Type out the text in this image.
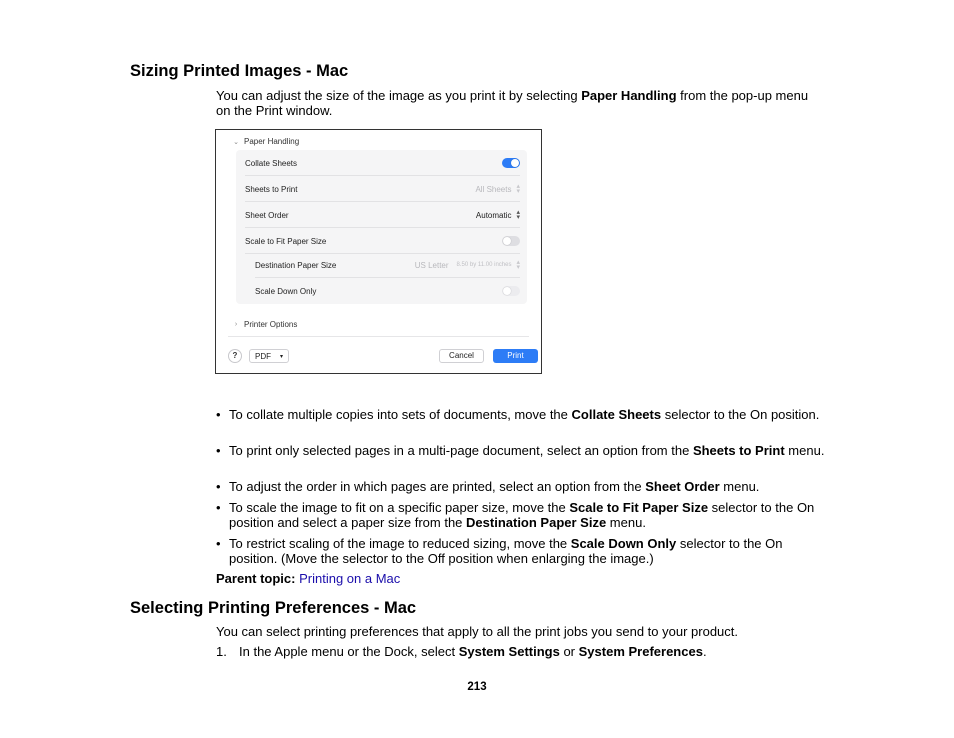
Sizing Printed Images - Mac
You can adjust the size of the image as you print it by selecting Paper Handling from the pop-up menu on the Print window.
⌄ Paper Handling
Collate Sheets
Sheets to Print	All Sheets ▴
▾
Sheet Order	Automatic ▴
▾
Scale to Fit Paper Size
Destination Paper Size	US Letter 8.50 by 11.00 inches ▴
▾
Scale Down Only
› Printer Options
?	PDF ▾	Cancel	Print
• To collate multiple copies into sets of documents, move the Collate Sheets selector to the On position.
• To print only selected pages in a multi-page document, select an option from the Sheets to Print menu.
• To adjust the order in which pages are printed, select an option from the Sheet Order menu.
• To scale the image to fit on a specific paper size, move the Scale to Fit Paper Size selector to the On position and select a paper size from the Destination Paper Size menu.
• To restrict scaling of the image to reduced sizing, move the Scale Down Only selector to the On position. (Move the selector to the Off position when enlarging the image.)
Parent topic: Printing on a Mac
Selecting Printing Preferences - Mac
You can select printing preferences that apply to all the print jobs you send to your product.
1. In the Apple menu or the Dock, select System Settings or System Preferences.
213
